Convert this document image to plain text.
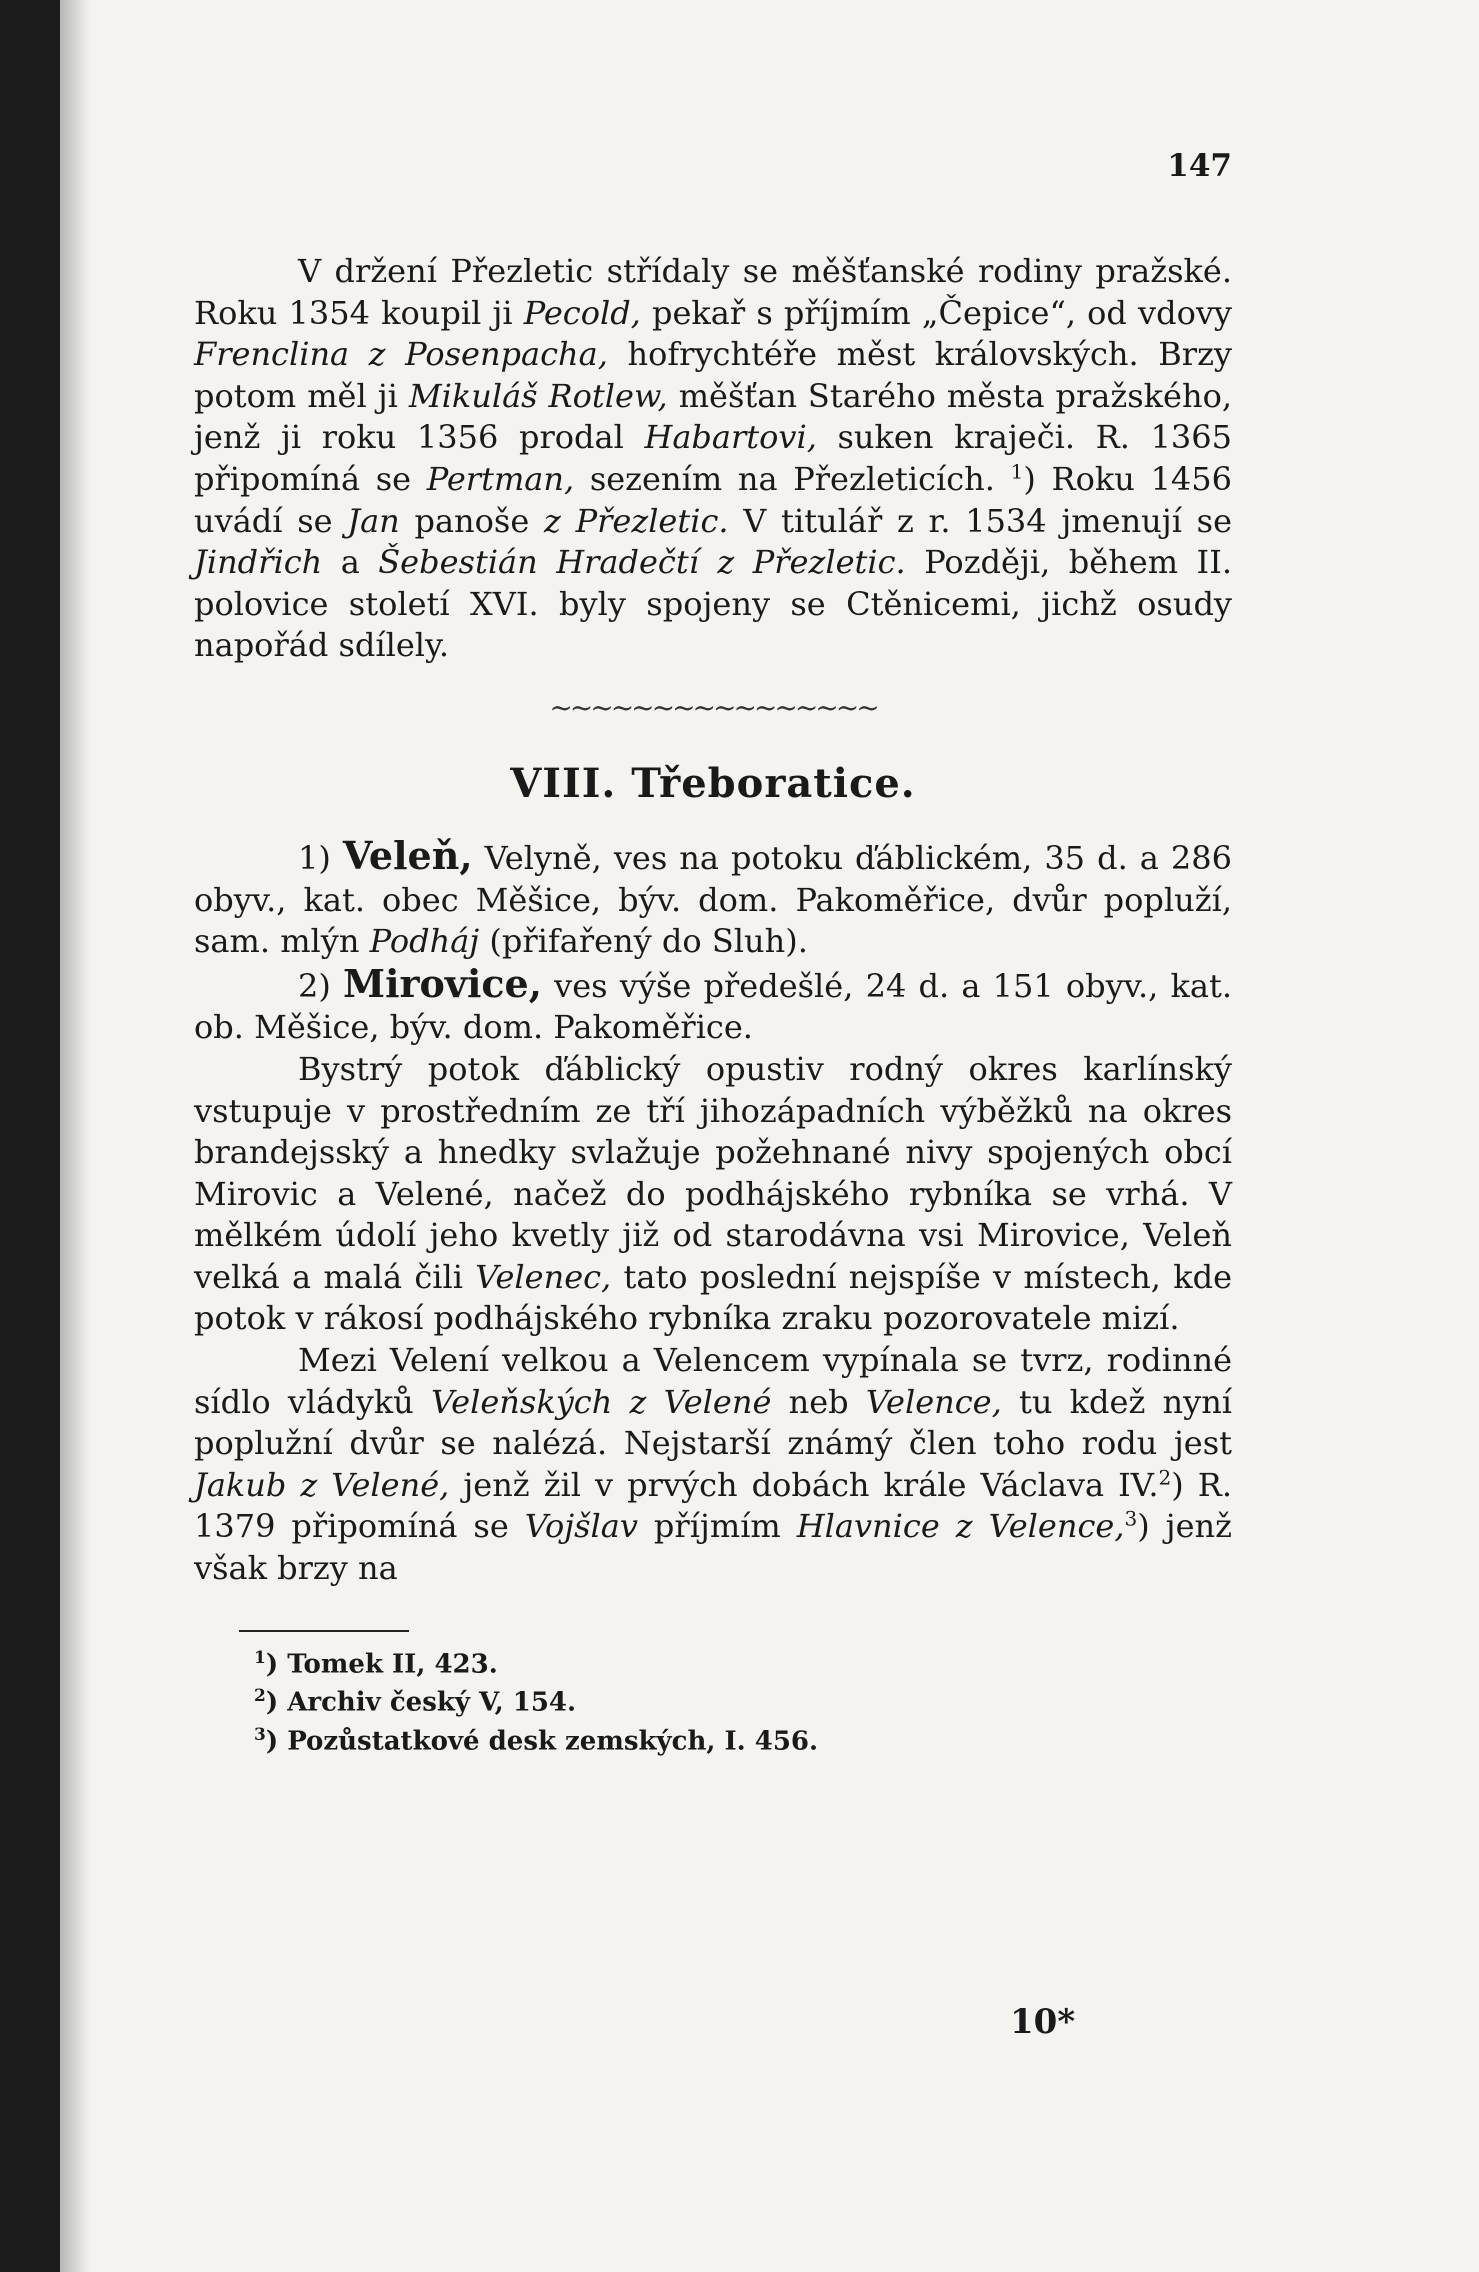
147

V držení Přezletic střídaly se měšťanské rodiny pražské. Roku 1354 koupil ji Pecold, pekař s příjmím „Čepice“, od vdovy Frenclina z Posenpacha, hofrychtéře měst královských. Brzy potom měl ji Mikuláš Rotlew, měšťan Starého města pražského, jenž ji roku 1356 prodal Habartovi, suken kraječi. R. 1365 připomíná se Pertman, sezením na Přezleticích. $^1$) Roku 1456 uvádí se Jan panoše z Přezletic. V titulář z r. 1534 jmenují se Jindřich a Šebestián Hradečtí z Přezletic. Později, během II. polovice století XVI. byly spojeny se Ctěnicemi, jichž osudy napořád sdílely.

~~~~~~~~~~~~~~~~
VIII. Třeboratice.

1) Veleň, Velyně, ves na potoku ďáblickém, 35 d. a 286 obyv., kat. obec Měšice, býv. dom. Pakoměřice, dvůr popluží, sam. mlýn Podháj (přifařený do Sluh).

2) Mirovice, ves výše předešlé, 24 d. a 151 obyv., kat. ob. Měšice, býv. dom. Pakoměřice.

Bystrý potok ďáblický opustiv rodný okres karlínský vstupuje v prostředním ze tří jihozápadních výběžků na okres brandejsský a hnedky svlažuje požehnané nivy spojených obcí Mirovic a Velené, načež do podhájského rybníka se vrhá. V mělkém údolí jeho kvetly již od starodávna vsi Mirovice, Veleň velká a malá čili Velenec, tato poslední nejspíše v místech, kde potok v rákosí podhájského rybníka zraku pozorovatele mizí.

Mezi Velení velkou a Velencem vypínala se tvrz, rodinné sídlo vládyků Veleňských z Velené neb Velence, tu kdež nyní poplužní dvůr se nalézá. Nejstarší známý člen toho rodu jest Jakub z Velené, jenž žil v prvých dobách krále Václava IV.$^2$) R. 1379 připomíná se Vojšlav příjmím Hlavnice z Velence,$^3$) jenž však brzy na

$^1$) Tomek II, 423.
$^2$) Archiv český V, 154.
$^3$) Pozůstatkové desk zemských, I. 456.
10*
